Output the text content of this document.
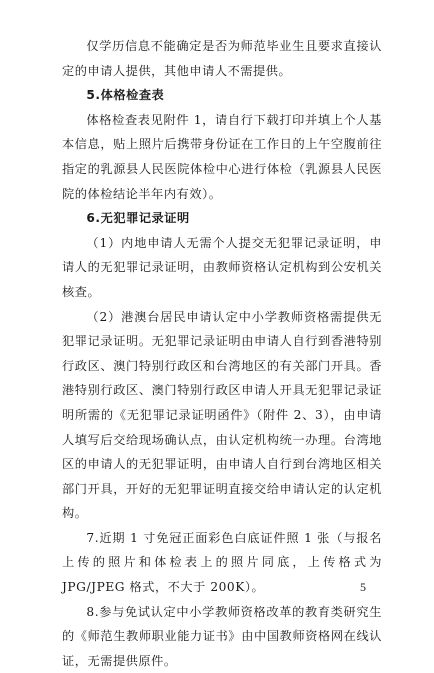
仅学历信息不能确定是否为师范毕业生且要求直接认定的申请人提供，其他申请人不需提供。

5.体格检查表

体格检查表见附件 1，请自行下载打印并填上个人基本信息，贴上照片后携带身份证在工作日的上午空腹前往指定的乳源县人民医院体检中心进行体检（乳源县人民医院的体检结论半年内有效）。

6.无犯罪记录证明

（1）内地申请人无需个人提交无犯罪记录证明，申请人的无犯罪记录证明，由教师资格认定机构到公安机关核查。

（2）港澳台居民申请认定中小学教师资格需提供无犯罪记录证明。无犯罪记录证明由申请人自行到香港特别行政区、澳门特别行政区和台湾地区的有关部门开具。香港特别行政区、澳门特别行政区申请人开具无犯罪记录证明所需的《无犯罪记录证明函件》（附件 2、3），由申请人填写后交给现场确认点，由认定机构统一办理。台湾地区的申请人的无犯罪证明，由申请人自行到台湾地区相关部门开具，开好的无犯罪证明直接交给申请认定的认定机构。

7.近期 1 寸免冠正面彩色白底证件照 1 张（与报名上传的照片和体检表上的照片同底，上传格式为 JPG/JPEG 格式，不大于 200K）。

8.参与免试认定中小学教师资格改革的教育类研究生的《师范生教师职业能力证书》由中国教师资格网在线认证，无需提供原件。

5
